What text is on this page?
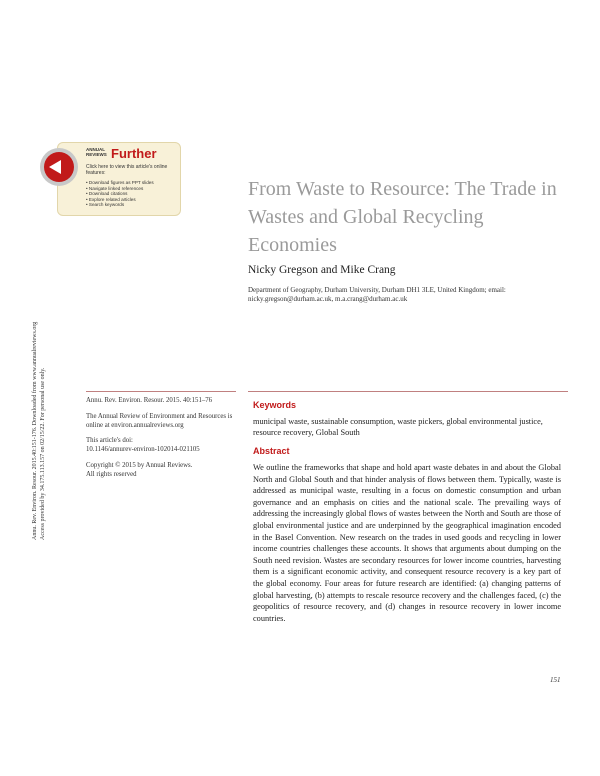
ANNUAL REVIEWS Further
Click here to view this article's online features:
• Download figures as PPT slides
• Navigate linked references
• Download citations
• Explore related articles
• Search keywords
Annu. Rev. Environ. Resour. 2015.40:151-176. Downloaded from www.annualreviews.org Access provided by 34.175.113.157 on 02/15/22. For personal use only.
From Waste to Resource: The Trade in Wastes and Global Recycling Economies
Nicky Gregson and Mike Crang
Department of Geography, Durham University, Durham DH1 3LE, United Kingdom; email: nicky.gregson@durham.ac.uk, m.a.crang@durham.ac.uk
Annu. Rev. Environ. Resour. 2015. 40:151–76
The Annual Review of Environment and Resources is online at environ.annualreviews.org
This article's doi:
10.1146/annurev-environ-102014-021105
Copyright © 2015 by Annual Reviews.
All rights reserved
Keywords
municipal waste, sustainable consumption, waste pickers, global environmental justice, resource recovery, Global South
Abstract
We outline the frameworks that shape and hold apart waste debates in and about the Global North and Global South and that hinder analysis of flows between them. Typically, waste is addressed as municipal waste, resulting in a focus on domestic consumption and urban governance and an emphasis on cities and the national scale. The prevailing ways of addressing the increasingly global flows of wastes between the North and South are those of global environmental justice and are underpinned by the geographical imagination encoded in the Basel Convention. New research on the trades in used goods and recycling in lower income countries challenges these accounts. It shows that arguments about dumping on the South need revision. Wastes are secondary resources for lower income countries, harvesting them is a significant economic activity, and consequent resource recovery is a key part of the global economy. Four areas for future research are identified: (a) changing patterns of global harvesting, (b) attempts to rescale resource recovery and the challenges faced, (c) the geopolitics of resource recovery, and (d) changes in resource recovery in lower income countries.
151
